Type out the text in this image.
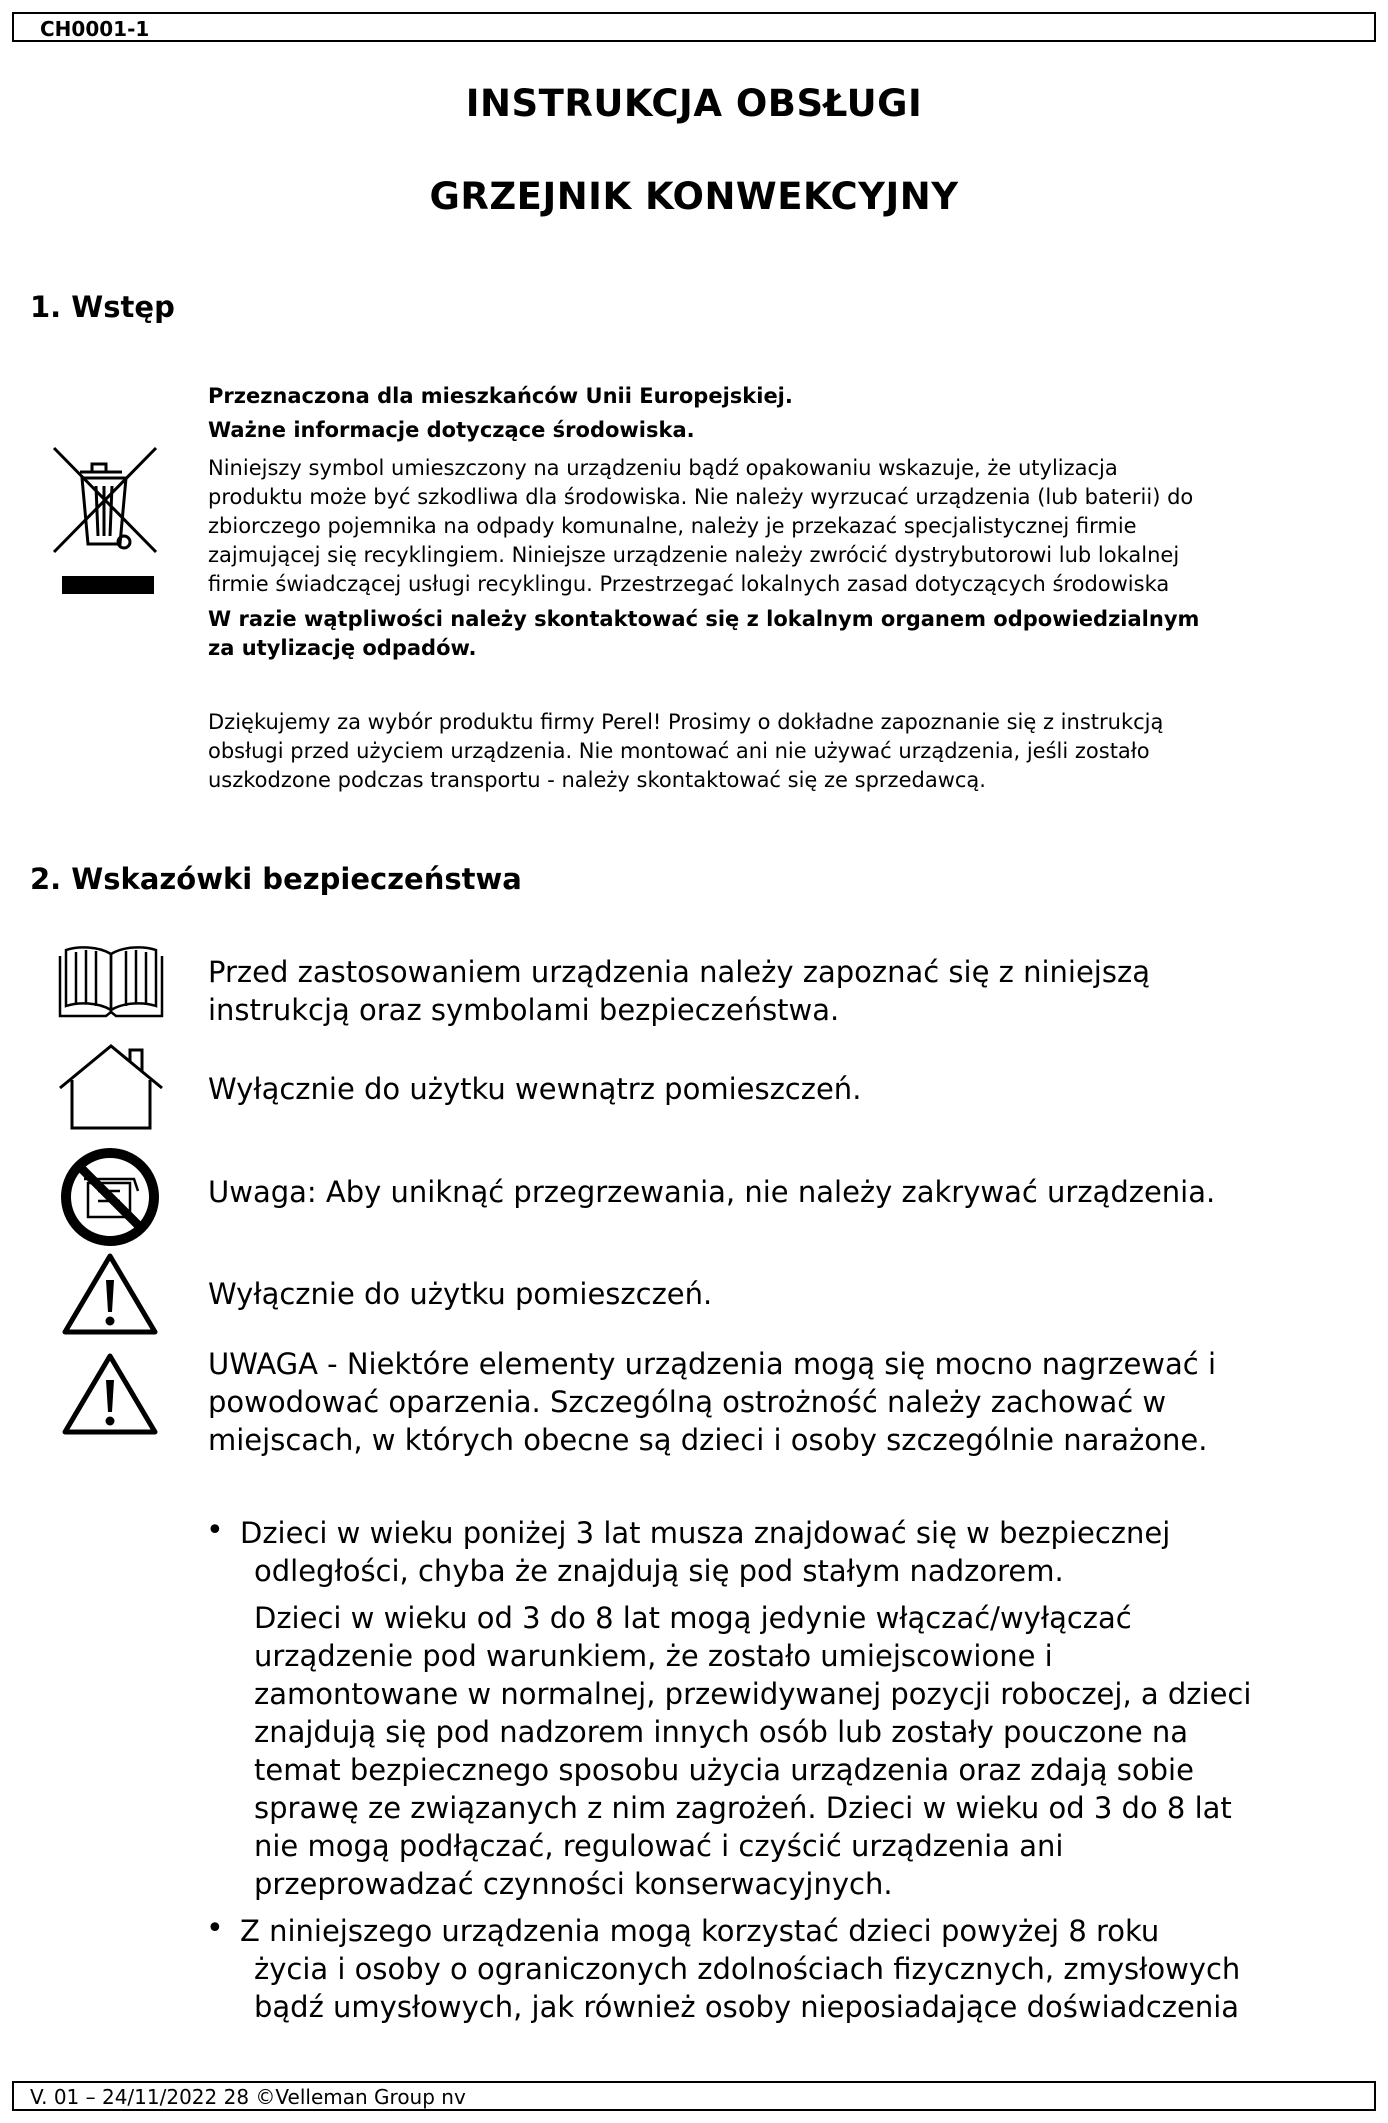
CH0001-1
INSTRUKCJA OBSŁUGI
GRZEJNIK KONWEKCYJNY
1. Wstęp
Przeznaczona dla mieszkańców Unii Europejskiej.
Ważne informacje dotyczące środowiska.
Niniejszy symbol umieszczony na urządzeniu bądź opakowaniu wskazuje, że utylizacja
produktu może być szkodliwa dla środowiska. Nie należy wyrzucać urządzenia (lub baterii) do
zbiorczego pojemnika na odpady komunalne, należy je przekazać specjalistycznej firmie
zajmującej się recyklingiem. Niniejsze urządzenie należy zwrócić dystrybutorowi lub lokalnej
firmie świadczącej usługi recyklingu. Przestrzegać lokalnych zasad dotyczących środowiska
W razie wątpliwości należy skontaktować się z lokalnym organem odpowiedzialnym
za utylizację odpadów.
Dziękujemy za wybór produktu firmy Perel! Prosimy o dokładne zapoznanie się z instrukcją
obsługi przed użyciem urządzenia. Nie montować ani nie używać urządzenia, jeśli zostało
uszkodzone podczas transportu - należy skontaktować się ze sprzedawcą.
2. Wskazówki bezpieczeństwa
Przed zastosowaniem urządzenia należy zapoznać się z niniejszą
instrukcją oraz symbolami bezpieczeństwa.
Wyłącznie do użytku wewnątrz pomieszczeń.
Uwaga: Aby uniknąć przegrzewania, nie należy zakrywać urządzenia.
Wyłącznie do użytku pomieszczeń.
UWAGA - Niektóre elementy urządzenia mogą się mocno nagrzewać i
powodować oparzenia. Szczególną ostrożność należy zachować w
miejscach, w których obecne są dzieci i osoby szczególnie narażone.
• Dzieci w wieku poniżej 3 lat musza znajdować się w bezpiecznej
odległości, chyba że znajdują się pod stałym nadzorem.
Dzieci w wieku od 3 do 8 lat mogą jedynie włączać/wyłączać
urządzenie pod warunkiem, że zostało umiejscowione i
zamontowane w normalnej, przewidywanej pozycji roboczej, a dzieci
znajdują się pod nadzorem innych osób lub zostały pouczone na
temat bezpiecznego sposobu użycia urządzenia oraz zdają sobie
sprawę ze związanych z nim zagrożeń. Dzieci w wieku od 3 do 8 lat
nie mogą podłączać, regulować i czyścić urządzenia ani
przeprowadzać czynności konserwacyjnych.
• Z niniejszego urządzenia mogą korzystać dzieci powyżej 8 roku
życia i osoby o ograniczonych zdolnościach fizycznych, zmysłowych
bądź umysłowych, jak również osoby nieposiadające doświadczenia
V. 01 – 24/11/2022 28 ©Velleman Group nv
